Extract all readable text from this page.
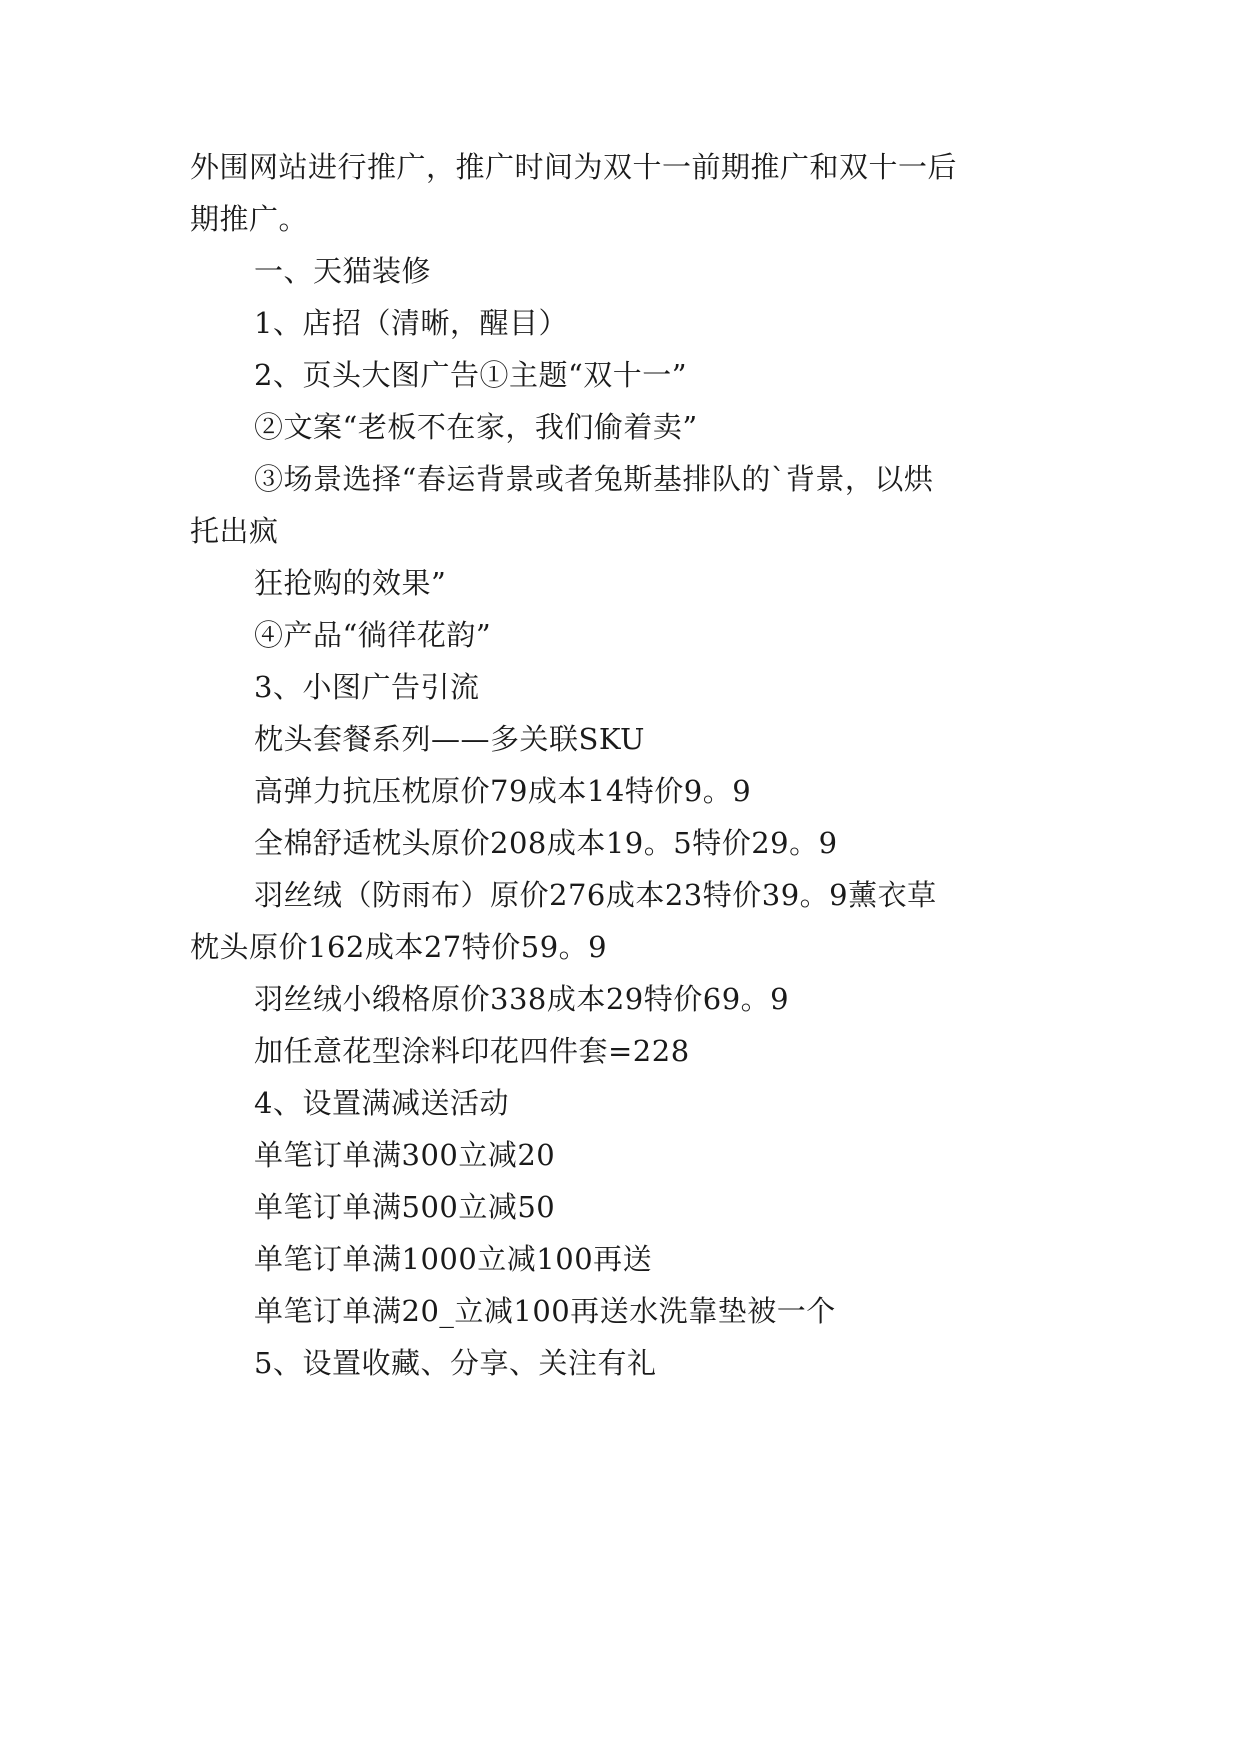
外围网站进行推广，推广时间为双十一前期推广和双十一后
期推广。
一、天猫装修
1、店招（清晰，醒目）
2、页头大图广告①主题“双十一”
②文案“老板不在家，我们偷着卖”
③场景选择“春运背景或者兔斯基排队的`背景，以烘
托出疯
狂抢购的效果”
④产品“徜徉花韵”
3、小图广告引流
枕头套餐系列——多关联SKU
高弹力抗压枕原价79成本14特价9。9
全棉舒适枕头原价208成本19。5特价29。9
羽丝绒（防雨布）原价276成本23特价39。9薰衣草
枕头原价162成本27特价59。9
羽丝绒小缎格原价338成本29特价69。9
加任意花型涂料印花四件套=228
4、设置满减送活动
单笔订单满300立减20
单笔订单满500立减50
单笔订单满1000立减100再送
单笔订单满20_立减100再送水洗靠垫被一个
5、设置收藏、分享、关注有礼
